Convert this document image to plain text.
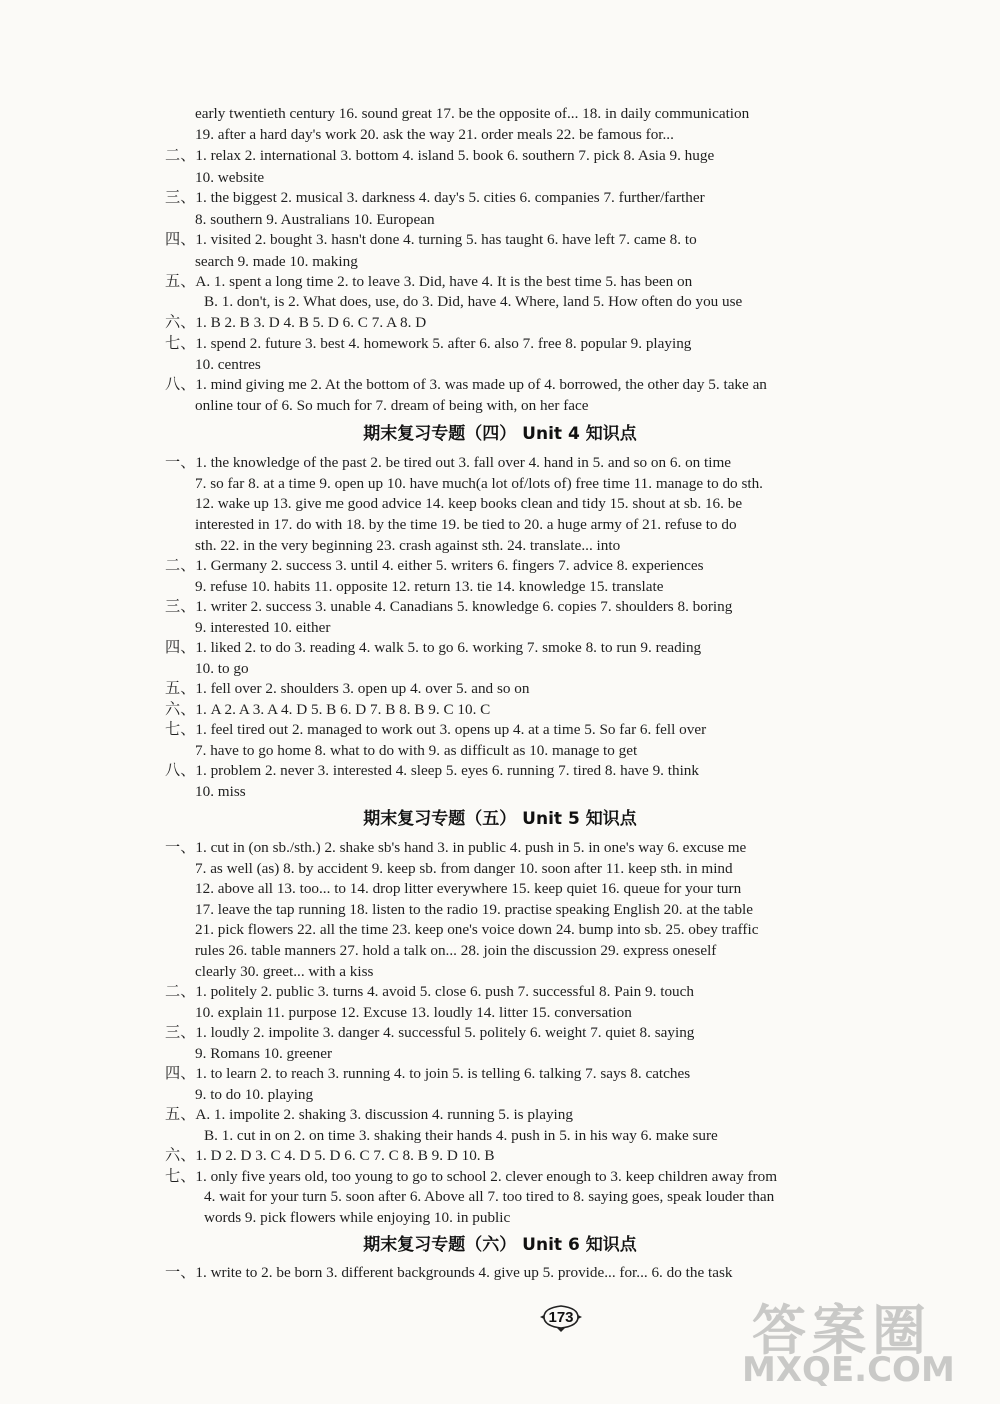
early twentieth century 16. sound great 17. be the opposite of... 18. in daily communication
19. after a hard day's work 20. ask the way 21. order meals 22. be famous for...
二、1. relax 2. international 3. bottom 4. island 5. book 6. southern 7. pick 8. Asia 9. huge
10. website
三、1. the biggest 2. musical 3. darkness 4. day's 5. cities 6. companies 7. further/farther
8. southern 9. Australians 10. European
四、1. visited 2. bought 3. hasn't done 4. turning 5. has taught 6. have left 7. came 8. to
search 9. made 10. making
五、A. 1. spent a long time 2. to leave 3. Did, have 4. It is the best time 5. has been on
B. 1. don't, is 2. What does, use, do 3. Did, have 4. Where, land 5. How often do you use
六、1. B 2. B 3. D 4. B 5. D 6. C 7. A 8. D
七、1. spend 2. future 3. best 4. homework 5. after 6. also 7. free 8. popular 9. playing
10. centres
八、1. mind giving me 2. At the bottom of 3. was made up of 4. borrowed, the other day 5. take an
online tour of 6. So much for 7. dream of being with, on her face
期末复习专题（四） Unit 4 知识点
一、1. the knowledge of the past 2. be tired out 3. fall over 4. hand in 5. and so on 6. on time
7. so far 8. at a time 9. open up 10. have much(a lot of/lots of) free time 11. manage to do sth.
12. wake up 13. give me good advice 14. keep books clean and tidy 15. shout at sb. 16. be
interested in 17. do with 18. by the time 19. be tied to 20. a huge army of 21. refuse to do
sth. 22. in the very beginning 23. crash against sth. 24. translate... into
二、1. Germany 2. success 3. until 4. either 5. writers 6. fingers 7. advice 8. experiences
9. refuse 10. habits 11. opposite 12. return 13. tie 14. knowledge 15. translate
三、1. writer 2. success 3. unable 4. Canadians 5. knowledge 6. copies 7. shoulders 8. boring
9. interested 10. either
四、1. liked 2. to do 3. reading 4. walk 5. to go 6. working 7. smoke 8. to run 9. reading
10. to go
五、1. fell over 2. shoulders 3. open up 4. over 5. and so on
六、1. A 2. A 3. A 4. D 5. B 6. D 7. B 8. B 9. C 10. C
七、1. feel tired out 2. managed to work out 3. opens up 4. at a time 5. So far 6. fell over
7. have to go home 8. what to do with 9. as difficult as 10. manage to get
八、1. problem 2. never 3. interested 4. sleep 5. eyes 6. running 7. tired 8. have 9. think
10. miss
期末复习专题（五） Unit 5 知识点
一、1. cut in (on sb./sth.) 2. shake sb's hand 3. in public 4. push in 5. in one's way 6. excuse me
7. as well (as) 8. by accident 9. keep sb. from danger 10. soon after 11. keep sth. in mind
12. above all 13. too... to 14. drop litter everywhere 15. keep quiet 16. queue for your turn
17. leave the tap running 18. listen to the radio 19. practise speaking English 20. at the table
21. pick flowers 22. all the time 23. keep one's voice down 24. bump into sb. 25. obey traffic
rules 26. table manners 27. hold a talk on... 28. join the discussion 29. express oneself
clearly 30. greet... with a kiss
二、1. politely 2. public 3. turns 4. avoid 5. close 6. push 7. successful 8. Pain 9. touch
10. explain 11. purpose 12. Excuse 13. loudly 14. litter 15. conversation
三、1. loudly 2. impolite 3. danger 4. successful 5. politely 6. weight 7. quiet 8. saying
9. Romans 10. greener
四、1. to learn 2. to reach 3. running 4. to join 5. is telling 6. talking 7. says 8. catches
9. to do 10. playing
五、A. 1. impolite 2. shaking 3. discussion 4. running 5. is playing
B. 1. cut in on 2. on time 3. shaking their hands 4. push in 5. in his way 6. make sure
六、1. D 2. D 3. C 4. D 5. D 6. C 7. C 8. B 9. D 10. B
七、1. only five years old, too young to go to school 2. clever enough to 3. keep children away from
4. wait for your turn 5. soon after 6. Above all 7. too tired to 8. saying goes, speak louder than
words 9. pick flowers while enjoying 10. in public
期末复习专题（六） Unit 6 知识点
一、1. write to 2. be born 3. different backgrounds 4. give up 5. provide... for... 6. do the task
173	答案圈
MXQE.COM
